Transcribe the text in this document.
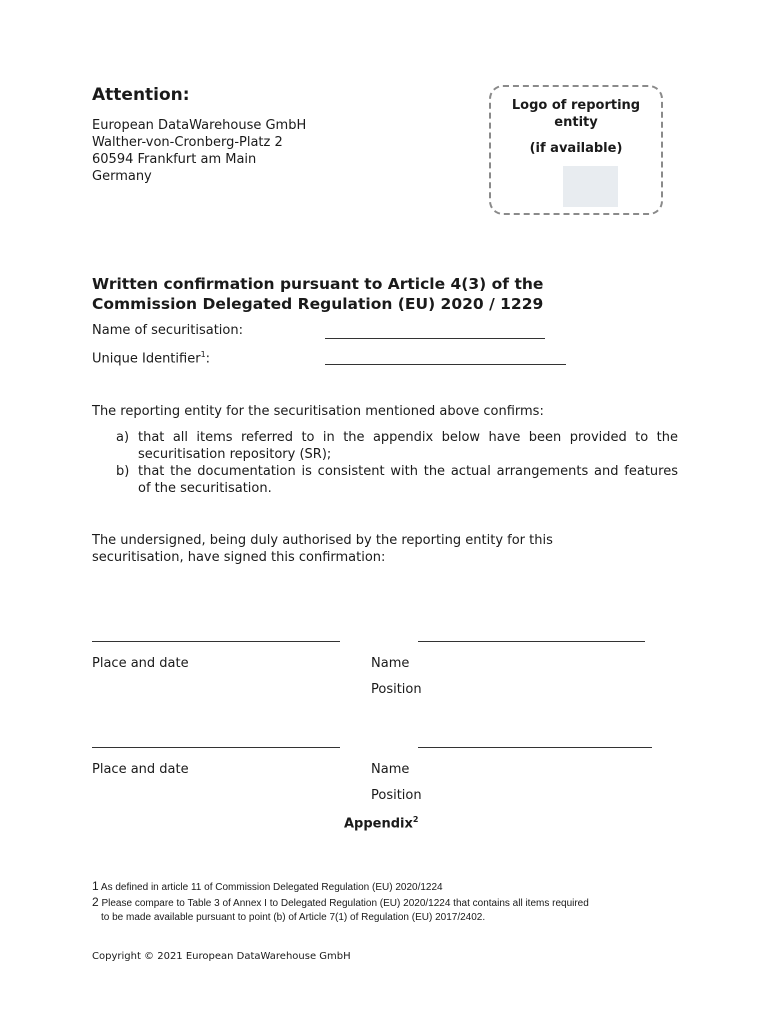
Attention:
European DataWarehouse GmbH
Walther-von-Cronberg-Platz 2
60594 Frankfurt am Main
Germany
Logo of reporting entity
(if available)
Written confirmation pursuant to Article 4(3) of the
Commission Delegated Regulation (EU) 2020 / 1229
Name of securitisation:
Unique Identifier$^1$:
The reporting entity for the securitisation mentioned above confirms:
a) that all items referred to in the appendix below have been provided to the securitisation repository (SR);
b) that the documentation is consistent with the actual arrangements and features of the securitisation.
The undersigned, being duly authorised by the reporting entity for this
securitisation, have signed this confirmation:
Place and date	Name
Position
Place and date	Name
Position
Appendix$^2$
1 As defined in article 11 of Commission Delegated Regulation (EU) 2020/1224
2 Please compare to Table 3 of Annex I to Delegated Regulation (EU) 2020/1224 that contains all items required
to be made available pursuant to point (b) of Article 7(1) of Regulation (EU) 2017/2402.
Copyright © 2021 European DataWarehouse GmbH
